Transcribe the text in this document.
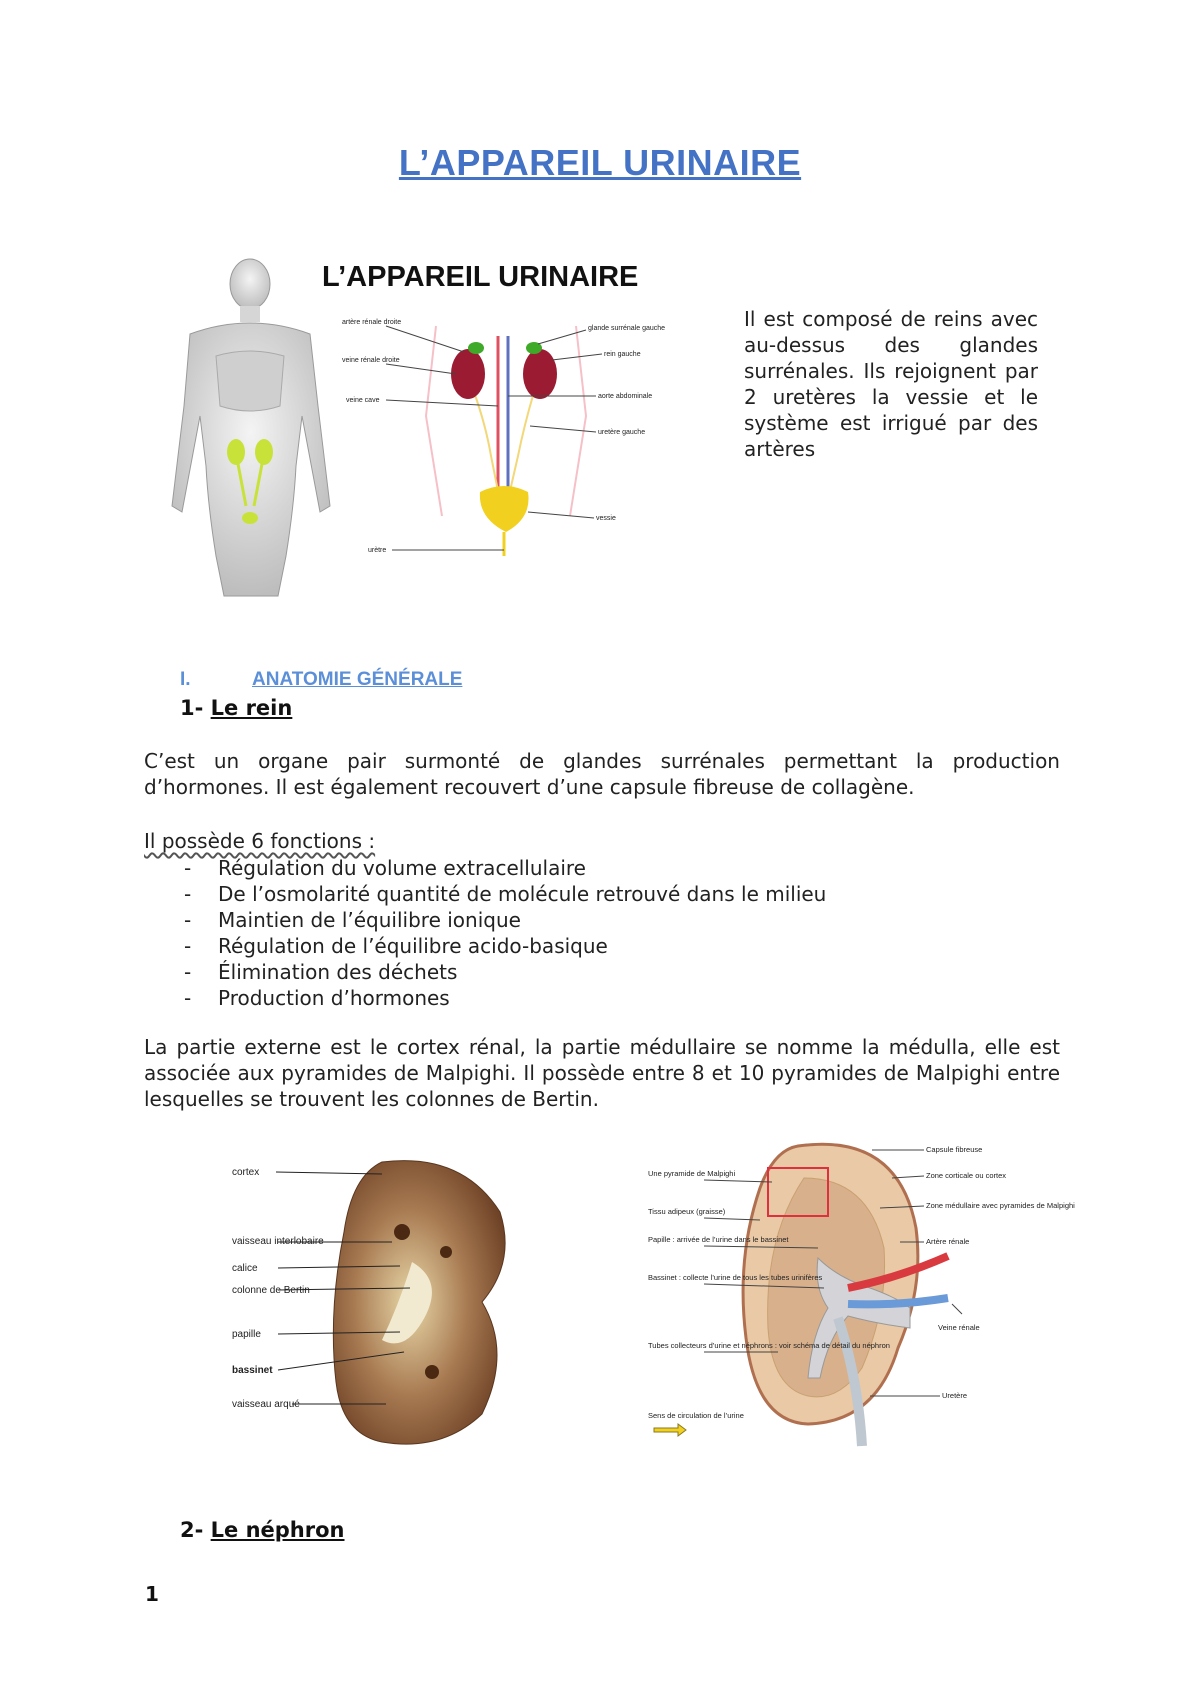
L’APPAREIL URINAIRE
L’APPAREIL URINAIRE
artère rénale droite
veine rénale droite
veine cave
urètre
glande surrénale gauche
rein gauche
aorte abdominale
uretère gauche
vessie
Il est composé de reins avec au-dessus des glandes surrénales. Ils rejoignent par 2 uretères la vessie et le système est irrigué par des artères
I.	ANATOMIE GÉNÉRALE
1- Le rein
C’est un organe pair surmonté de glandes surrénales permettant la production d’hormones. Il est également recouvert d’une capsule fibreuse de collagène.
Il possède 6 fonctions :
- Régulation du volume extracellulaire
- De l’osmolarité quantité de molécule retrouvé dans le milieu
- Maintien de l’équilibre ionique
- Régulation de l’équilibre acido-basique
- Élimination des déchets
- Production d’hormones
La partie externe est le cortex rénal, la partie médullaire se nomme la médulla, elle est associée aux pyramides de Malpighi. Il possède entre 8 et 10 pyramides de Malpighi entre lesquelles se trouvent les colonnes de Bertin.
cortex
vaisseau interlobaire
calice
colonne de Bertin
papille
bassinet
vaisseau arqué
Une pyramide de Malpighi
Tissu adipeux (graisse)
Papille : arrivée de l’urine dans le bassinet
Bassinet : collecte l’urine de tous les tubes urinifères
Tubes collecteurs d’urine et néphrons : voir schéma de détail du néphron
Sens de circulation de l’urine
Capsule fibreuse
Zone corticale ou cortex
Zone médullaire avec pyramides de Malpighi
Artère rénale
Veine rénale
Uretère
2- Le néphron
1
